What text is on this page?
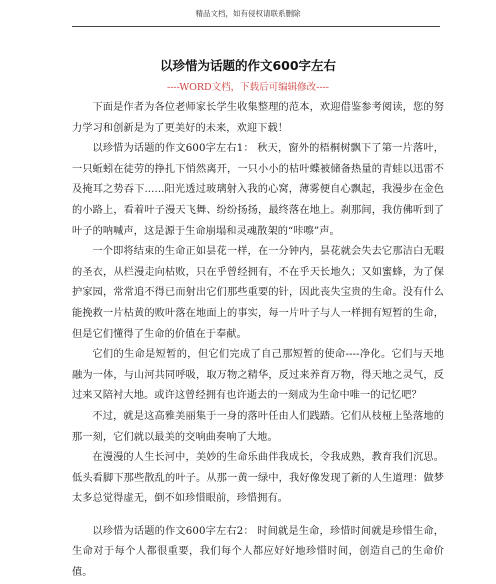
精品文档，如有侵权请联系删除
以珍惜为话题的作文600字左右
----WORD文档，下载后可编辑修改----

下面是作者为各位老师家长学生收集整理的范本，欢迎借鉴参考阅读，您的努力学习和创新是为了更美好的未来，欢迎下载！

以珍惜为话题的作文600字左右1： 秋天，窗外的梧桐树飘下了第一片落叶，一只蚯蚓在徒劳的挣扎下悄然离开，一只小小的枯叶蝶被储备热量的青蛙以迅雷不及掩耳之势吞下......阳光透过玻璃射入我的心窝，薄雾便自心飘起，我漫步在金色的小路上，看着叶子漫天飞舞、纷纷扬扬，最终落在地上。刹那间，我仿佛听到了叶子的呐喊声，这是源于生命崩塌和灵魂散架的“咔嚓”声。

一个即将结束的生命正如昙花一样，在一分钟内，昙花就会失去它那洁白无暇的圣衣，从栏漫走向枯败，只在乎曾经拥有，不在乎天长地久；又如蜜蜂，为了保护家园，常常追不得已而射出它们那些重要的针，因此丧失宝贵的生命。没有什么能挽救一片枯黄的败叶落在地面上的事实，每一片叶子与人一样拥有短暂的生命，但是它们懂得了生命的价值在于奉献。

它们的生命是短暂的，但它们完成了自己那短暂的使命----净化。它们与天地融为一体，与山河共同呼吸，取万物之精华，反过来养育万物，得天地之灵气，反过来又陪衬大地。或许这曾经拥有也许逝去的一刻成为生命中唯一的记忆吧？

不过，就是这高雅美丽集于一身的落叶任由人们践踏。它们从枝桠上坠落地的那一刻，它们就以最美的交响曲奏响了大地。

在漫漫的人生长河中，美妙的生命乐曲伴我成长，令我成熟，教育我们沉思。低头看脚下那些散乱的叶子。从那一黄一绿中，我好像发现了新的人生道理：做梦太多总觉得虚无，倒不如珍惜眼前，珍惜拥有。

以珍惜为话题的作文600字左右2： 时间就是生命，珍惜时间就是珍惜生命，生命对于每个人都很重要，我们每个人都应好好地珍惜时间，创造自己的生命价值。
